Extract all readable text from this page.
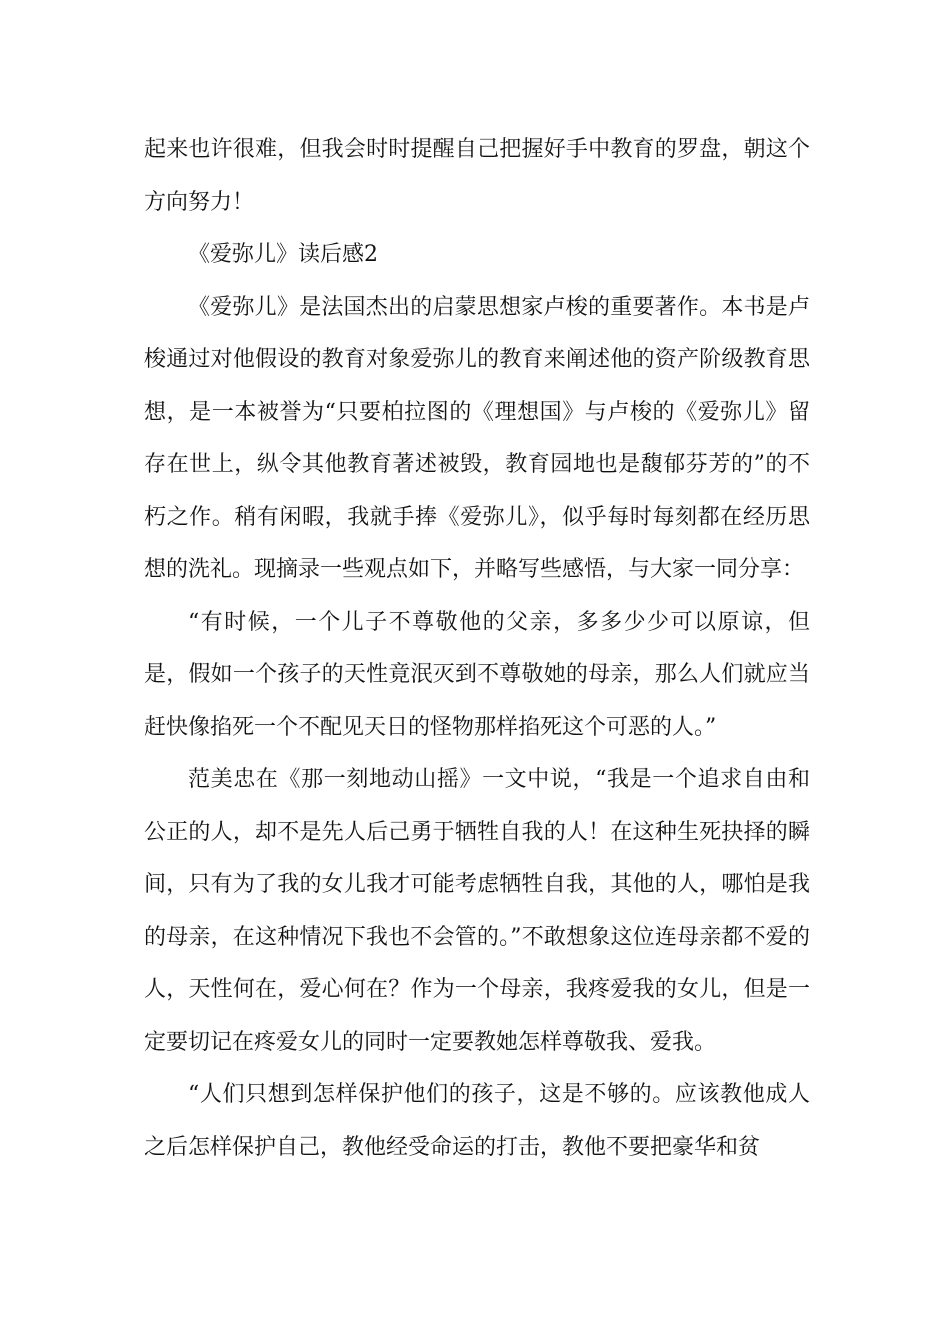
起来也许很难，但我会时时提醒自己把握好手中教育的罗盘，朝这个方向努力！

《爱弥儿》读后感2

《爱弥儿》是法国杰出的启蒙思想家卢梭的重要著作。本书是卢梭通过对他假设的教育对象爱弥儿的教育来阐述他的资产阶级教育思想，是一本被誉为“只要柏拉图的《理想国》与卢梭的《爱弥儿》留存在世上，纵令其他教育著述被毁，教育园地也是馥郁芬芳的”的不朽之作。稍有闲暇，我就手捧《爱弥儿》，似乎每时每刻都在经历思想的洗礼。现摘录一些观点如下，并略写些感悟，与大家一同分享：

“有时候，一个儿子不尊敬他的父亲，多多少少可以原谅，但是，假如一个孩子的天性竟泯灭到不尊敬她的母亲，那么人们就应当赶快像掐死一个不配见天日的怪物那样掐死这个可恶的人。”

范美忠在《那一刻地动山摇》一文中说，“我是一个追求自由和公正的人，却不是先人后己勇于牺牲自我的人！在这种生死抉择的瞬间，只有为了我的女儿我才可能考虑牺牲自我，其他的人，哪怕是我的母亲，在这种情况下我也不会管的。”不敢想象这位连母亲都不爱的人，天性何在，爱心何在？作为一个母亲，我疼爱我的女儿，但是一定要切记在疼爱女儿的同时一定要教她怎样尊敬我、爱我。

“人们只想到怎样保护他们的孩子，这是不够的。应该教他成人之后怎样保护自己，教他经受命运的打击，教他不要把豪华和贫
